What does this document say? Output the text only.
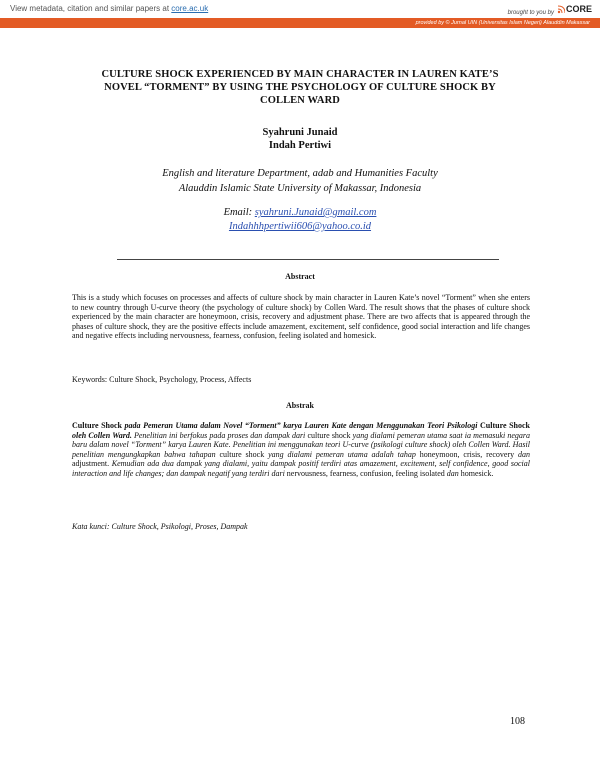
View metadata, citation and similar papers at core.ac.uk	brought to you by CORE
provided by © Jurnal UIN (Universitas Islam Negeri) Alauddin Makassar
CULTURE SHOCK EXPERIENCED BY MAIN CHARACTER IN LAUREN KATE’S
NOVEL “TORMENT” BY USING THE PSYCHOLOGY OF CULTURE SHOCK BY
COLLEN WARD
Syahruni Junaid
Indah Pertiwi
English and literature Department, adab and Humanities Faculty
Alauddin Islamic State University of Makassar, Indonesia
Email: syahruni.Junaid@gmail.com
Indahhhpertiwii606@yahoo.co.id
Abstract
This is a study which focuses on processes and affects of culture shock by main character in Lauren Kate’s novel “Torment” when she enters to new country through U-curve theory (the psychology of culture shock) by Collen Ward. The result shows that the phases of culture shock experienced by the main character are honeymoon, crisis, recovery and adjustment phase. There are two affects that is appeared through the phases of culture shock, they are the positive effects include amazement, excitement, self confidence, good social interaction and life changes and negative effects including nervousness, fearness, confusion, feeling isolated and homesick.
Keywords: Culture Shock, Psychology, Process, Affects
Abstrak
Culture Shock pada Pemeran Utama dalam Novel “Torment” karya Lauren Kate dengan Menggunakan Teori Psikologi Culture Shock oleh Collen Ward. Penelitian ini berfokus pada proses dan dampak dari culture shock yang dialami pemeran utama saat ia memasuki negara baru dalam novel “Torment” karya Lauren Kate. Penelitian ini menggunakan teori U-curve (psikologi culture shock) oleh Collen Ward. Hasil penelitian mengungkapkan bahwa tahapan culture shock yang dialami pemeran utama adalah tahap honeymoon, crisis, recovery dan adjustment. Kemudian ada dua dampak yang dialami, yaitu dampak positif terdiri atas amazement, excitement, self confidence, good social interaction and life changes; dan dampak negatif yang terdiri dari nervousness, fearness, confusion, feeling isolated dan homesick.
Kata kunci: Culture Shock, Psikologi, Proses, Dampak
108
